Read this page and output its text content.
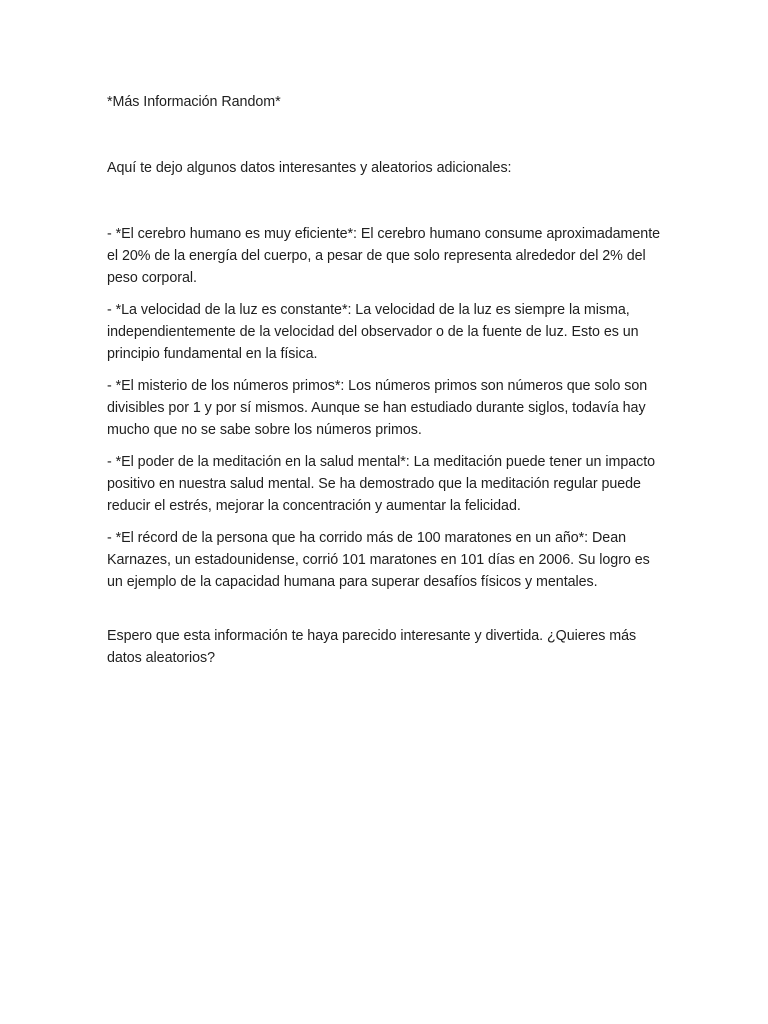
*Más Información Random*

Aquí te dejo algunos datos interesantes y aleatorios adicionales:

- *El cerebro humano es muy eficiente*: El cerebro humano consume aproximadamente el 20% de la energía del cuerpo, a pesar de que solo representa alrededor del 2% del peso corporal.
- *La velocidad de la luz es constante*: La velocidad de la luz es siempre la misma, independientemente de la velocidad del observador o de la fuente de luz. Esto es un principio fundamental en la física.
- *El misterio de los números primos*: Los números primos son números que solo son divisibles por 1 y por sí mismos. Aunque se han estudiado durante siglos, todavía hay mucho que no se sabe sobre los números primos.
- *El poder de la meditación en la salud mental*: La meditación puede tener un impacto positivo en nuestra salud mental. Se ha demostrado que la meditación regular puede reducir el estrés, mejorar la concentración y aumentar la felicidad.
- *El récord de la persona que ha corrido más de 100 maratones en un año*: Dean Karnazes, un estadounidense, corrió 101 maratones en 101 días en 2006. Su logro es un ejemplo de la capacidad humana para superar desafíos físicos y mentales.

Espero que esta información te haya parecido interesante y divertida. ¿Quieres más datos aleatorios?
